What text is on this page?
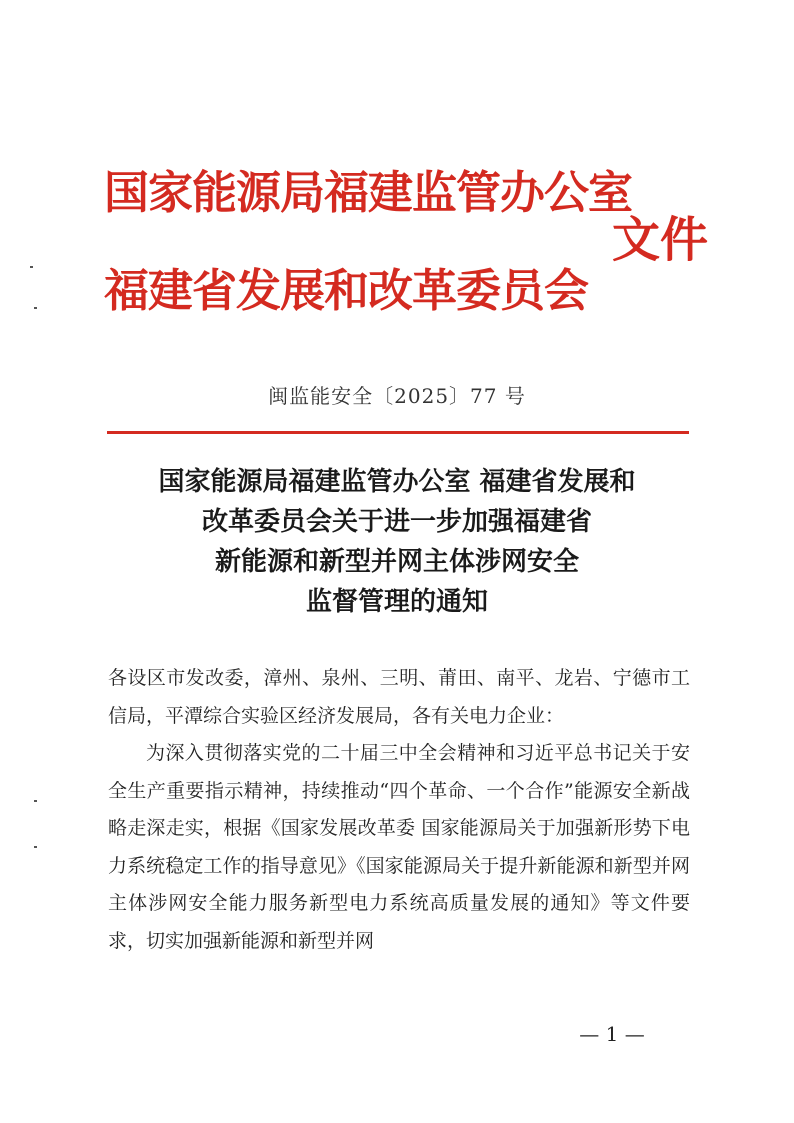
国家能源局福建监管办公室
福建省发展和改革委员会
文件
闽监能安全〔2025〕77 号
国家能源局福建监管办公室 福建省发展和
改革委员会关于进一步加强福建省
新能源和新型并网主体涉网安全
监督管理的通知

各设区市发改委，漳州、泉州、三明、莆田、南平、龙岩、宁德市工信局，平潭综合实验区经济发展局，各有关电力企业：

为深入贯彻落实党的二十届三中全会精神和习近平总书记关于安全生产重要指示精神，持续推动“四个革命、一个合作”能源安全新战略走深走实，根据《国家发展改革委 国家能源局关于加强新形势下电力系统稳定工作的指导意见》《国家能源局关于提升新能源和新型并网主体涉网安全能力服务新型电力系统高质量发展的通知》等文件要求，切实加强新能源和新型并网

— 1 —
